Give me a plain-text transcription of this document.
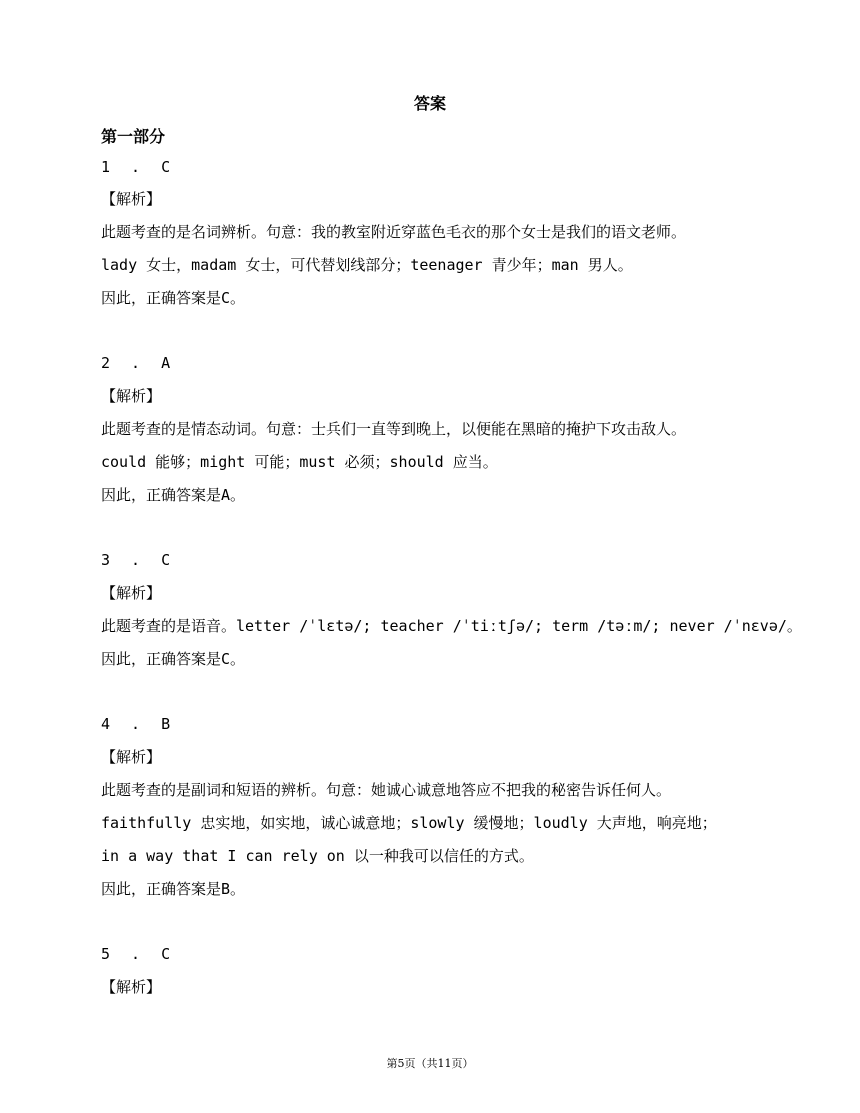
答案
第一部分
1 . C
【解析】
此题考查的是名词辨析。句意：我的教室附近穿蓝色毛衣的那个女士是我们的语文老师。
lady 女士，madam 女士，可代替划线部分；teenager 青少年；man 男人。
因此，正确答案是C。
2 . A
【解析】
此题考查的是情态动词。句意：士兵们一直等到晚上，以便能在黑暗的掩护下攻击敌人。
could 能够；might 可能；must 必须；should 应当。
因此，正确答案是A。
3 . C
【解析】
此题考查的是语音。letter /ˈlɛtə/; teacher /ˈtiːtʃə/; term /təːm/; never /ˈnɛvə/。
因此，正确答案是C。
4 . B
【解析】
此题考查的是副词和短语的辨析。句意：她诚心诚意地答应不把我的秘密告诉任何人。
faithfully 忠实地，如实地，诚心诚意地；slowly 缓慢地；loudly 大声地，响亮地；
in a way that I can rely on 以一种我可以信任的方式。
因此，正确答案是B。
5 . C
【解析】
第5页（共11页）
